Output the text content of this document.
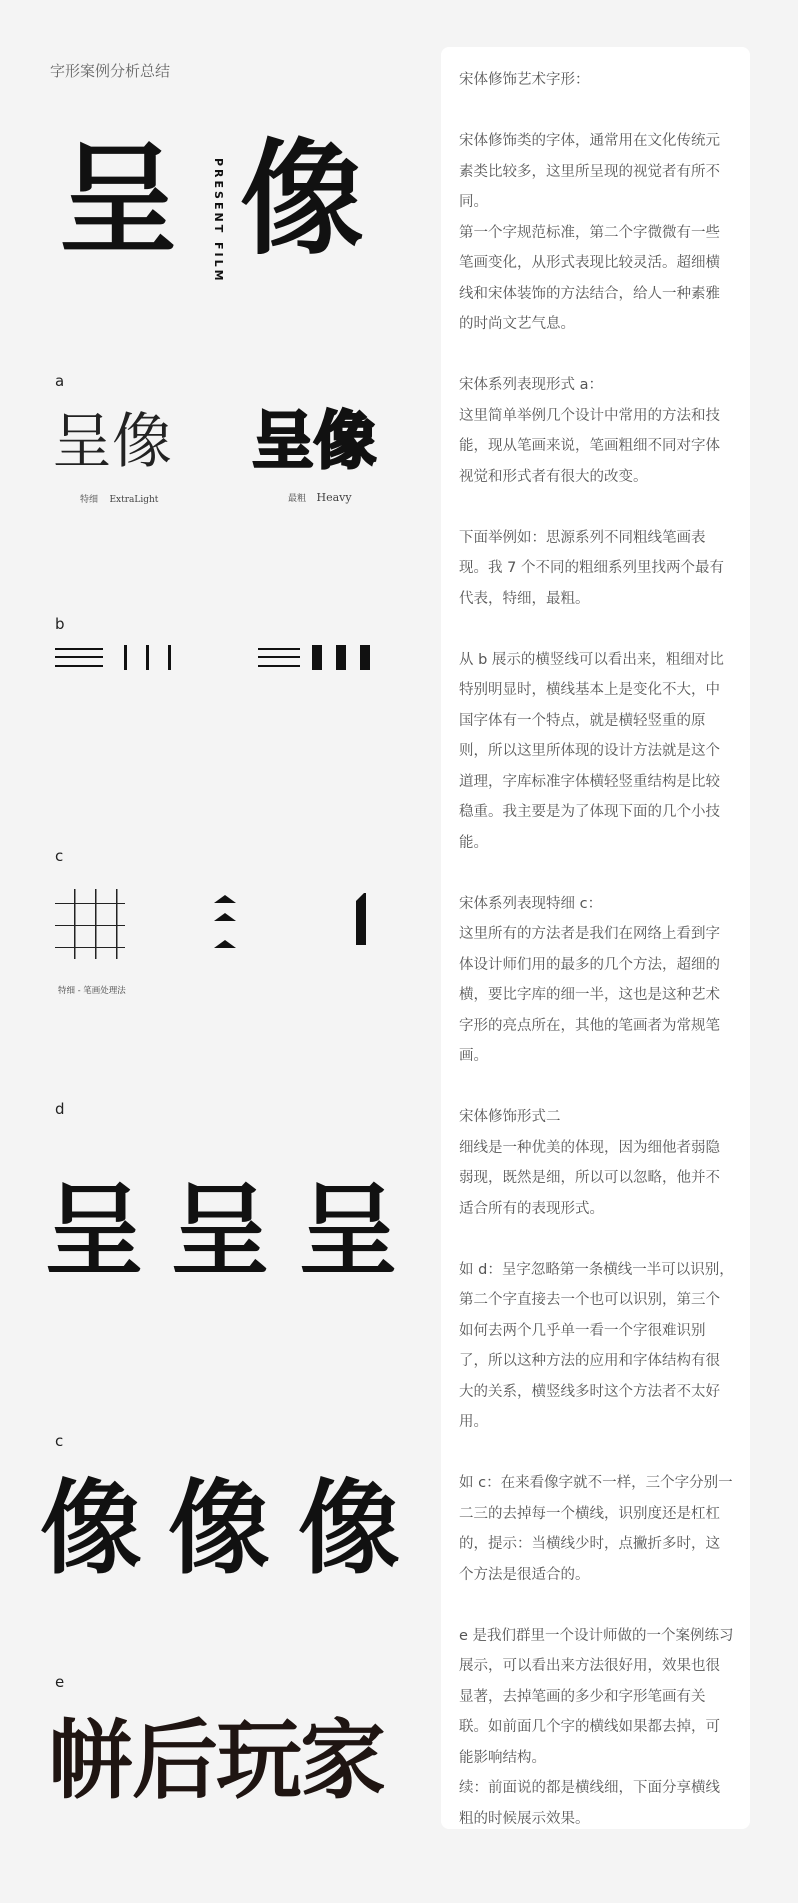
字形案例分析总结
呈	PRESENT FILM 像
a
呈像 呈像
特细 ExtraLight	最粗 Heavy
b
c
特细 - 笔画处理法
d
呈 呈 呈
c
像 像 像
e
帡后玩家

宋体修饰艺术字形：

宋体修饰类的字体，通常用在文化传统元素类比较多，这里所呈现的视觉者有所不同。

第一个字规范标准，第二个字微微有一些笔画变化，从形式表现比较灵活。超细横线和宋体装饰的方法结合，给人一种素雅的时尚文艺气息。

宋体系列表现形式 a：

这里简单举例几个设计中常用的方法和技能，现从笔画来说，笔画粗细不同对字体视觉和形式者有很大的改变。

下面举例如：思源系列不同粗线笔画表现。我 7 个不同的粗细系列里找两个最有代表，特细，最粗。

从 b 展示的横竖线可以看出来，粗细对比特别明显时，横线基本上是变化不大，中国字体有一个特点，就是横轻竖重的原则，所以这里所体现的设计方法就是这个道理，字库标准字体横轻竖重结构是比较稳重。我主要是为了体现下面的几个小技能。

宋体系列表现特细 c：

这里所有的方法者是我们在网络上看到字体设计师们用的最多的几个方法，超细的横，要比字库的细一半，这也是这种艺术字形的亮点所在，其他的笔画者为常规笔画。

宋体修饰形式二

细线是一种优美的体现，因为细他者弱隐弱现，既然是细，所以可以忽略，他并不适合所有的表现形式。

如 d：呈字忽略第一条横线一半可以识别，第二个字直接去一个也可以识别，第三个如何去两个几乎单一看一个字很难识别了，所以这种方法的应用和字体结构有很大的关系，横竖线多时这个方法者不太好用。

如 c：在来看像字就不一样，三个字分别一二三的去掉每一个横线，识别度还是杠杠的，提示：当横线少时，点撇折多时，这个方法是很适合的。

e 是我们群里一个设计师做的一个案例练习展示，可以看出来方法很好用，效果也很显著，去掉笔画的多少和字形笔画有关联。如前面几个字的横线如果都去掉，可能影响结构。

续：前面说的都是横线细，下面分享横线粗的时候展示效果。
